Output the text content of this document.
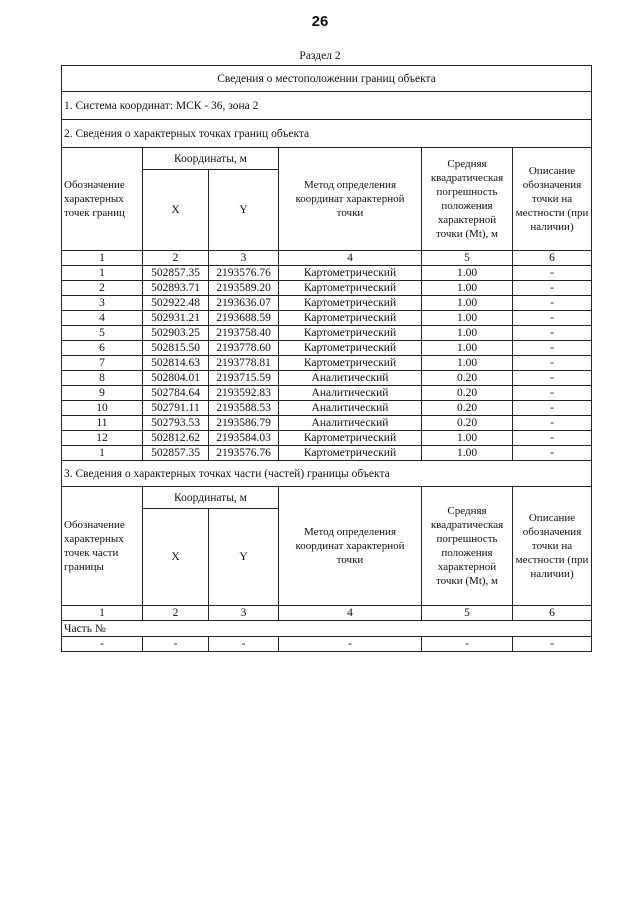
26
Раздел 2
Сведения о местоположении границ объекта					
1. Система координат: МСК - 36, зона 2					
2. Сведения о характерных точках границ объекта					
Обозначение характерных точек границ	Координаты, м		Метод определения координат характерной точки	Средняя квадратическая погрешность положения характерной точки (Mt), м	Описание обозначения точки на местности (при наличии)
	X	Y			
1	2	3	4	5	6
1	502857.35	2193576.76	Картометрический	1.00	-
2	502893.71	2193589.20	Картометрический	1.00	-
3	502922.48	2193636.07	Картометрический	1.00	-
4	502931.21	2193688.59	Картометрический	1.00	-
5	502903.25	2193758.40	Картометрический	1.00	-
6	502815.50	2193778.60	Картометрический	1.00	-
7	502814.63	2193778.81	Картометрический	1.00	-
8	502804.01	2193715.59	Аналитический	0.20	-
9	502784.64	2193592.83	Аналитический	0.20	-
10	502791.11	2193588.53	Аналитический	0.20	-
11	502793.53	2193586.79	Аналитический	0.20	-
12	502812.62	2193584.03	Картометрический	1.00	-
1	502857.35	2193576.76	Картометрический	1.00	-
3. Сведения о характерных точках части (частей) границы объекта					
Обозначение характерных точек части границы	Координаты, м		Метод определения координат характерной точки	Средняя квадратическая погрешность положения характерной точки (Mt), м	Описание обозначения точки на местности (при наличии)
	X	Y			
1	2	3	4	5	6
Часть №					
-	-	-	-	-	-
